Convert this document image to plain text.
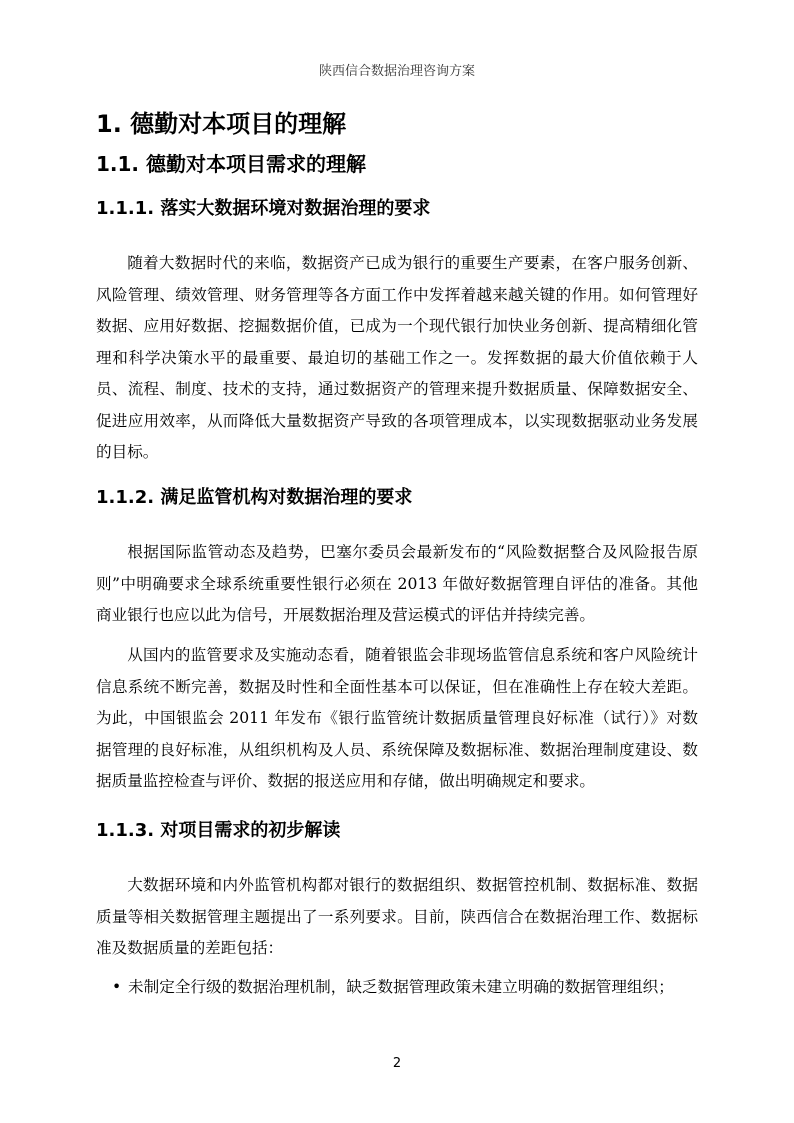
陕西信合数据治理咨询方案
1. 德勤对本项目的理解
1.1. 德勤对本项目需求的理解
1.1.1. 落实大数据环境对数据治理的要求

随着大数据时代的来临，数据资产已成为银行的重要生产要素，在客户服务创新、风险管理、绩效管理、财务管理等各方面工作中发挥着越来越关键的作用。如何管理好数据、应用好数据、挖掘数据价值，已成为一个现代银行加快业务创新、提高精细化管理和科学决策水平的最重要、最迫切的基础工作之一。发挥数据的最大价值依赖于人员、流程、制度、技术的支持，通过数据资产的管理来提升数据质量、保障数据安全、促进应用效率，从而降低大量数据资产导致的各项管理成本，以实现数据驱动业务发展的目标。

1.1.2. 满足监管机构对数据治理的要求

根据国际监管动态及趋势，巴塞尔委员会最新发布的“风险数据整合及风险报告原则”中明确要求全球系统重要性银行必须在 2013 年做好数据管理自评估的准备。其他商业银行也应以此为信号，开展数据治理及营运模式的评估并持续完善。

从国内的监管要求及实施动态看，随着银监会非现场监管信息系统和客户风险统计信息系统不断完善，数据及时性和全面性基本可以保证，但在准确性上存在较大差距。为此，中国银监会 2011 年发布《银行监管统计数据质量管理良好标准（试行）》对数据管理的良好标准，从组织机构及人员、系统保障及数据标准、数据治理制度建设、数据质量监控检查与评价、数据的报送应用和存储，做出明确规定和要求。

1.1.3. 对项目需求的初步解读

大数据环境和内外监管机构都对银行的数据组织、数据管控机制、数据标准、数据质量等相关数据管理主题提出了一系列要求。目前，陕西信合在数据治理工作、数据标准及数据质量的差距包括：

• 未制定全行级的数据治理机制，缺乏数据管理政策未建立明确的数据管理组织；

2
